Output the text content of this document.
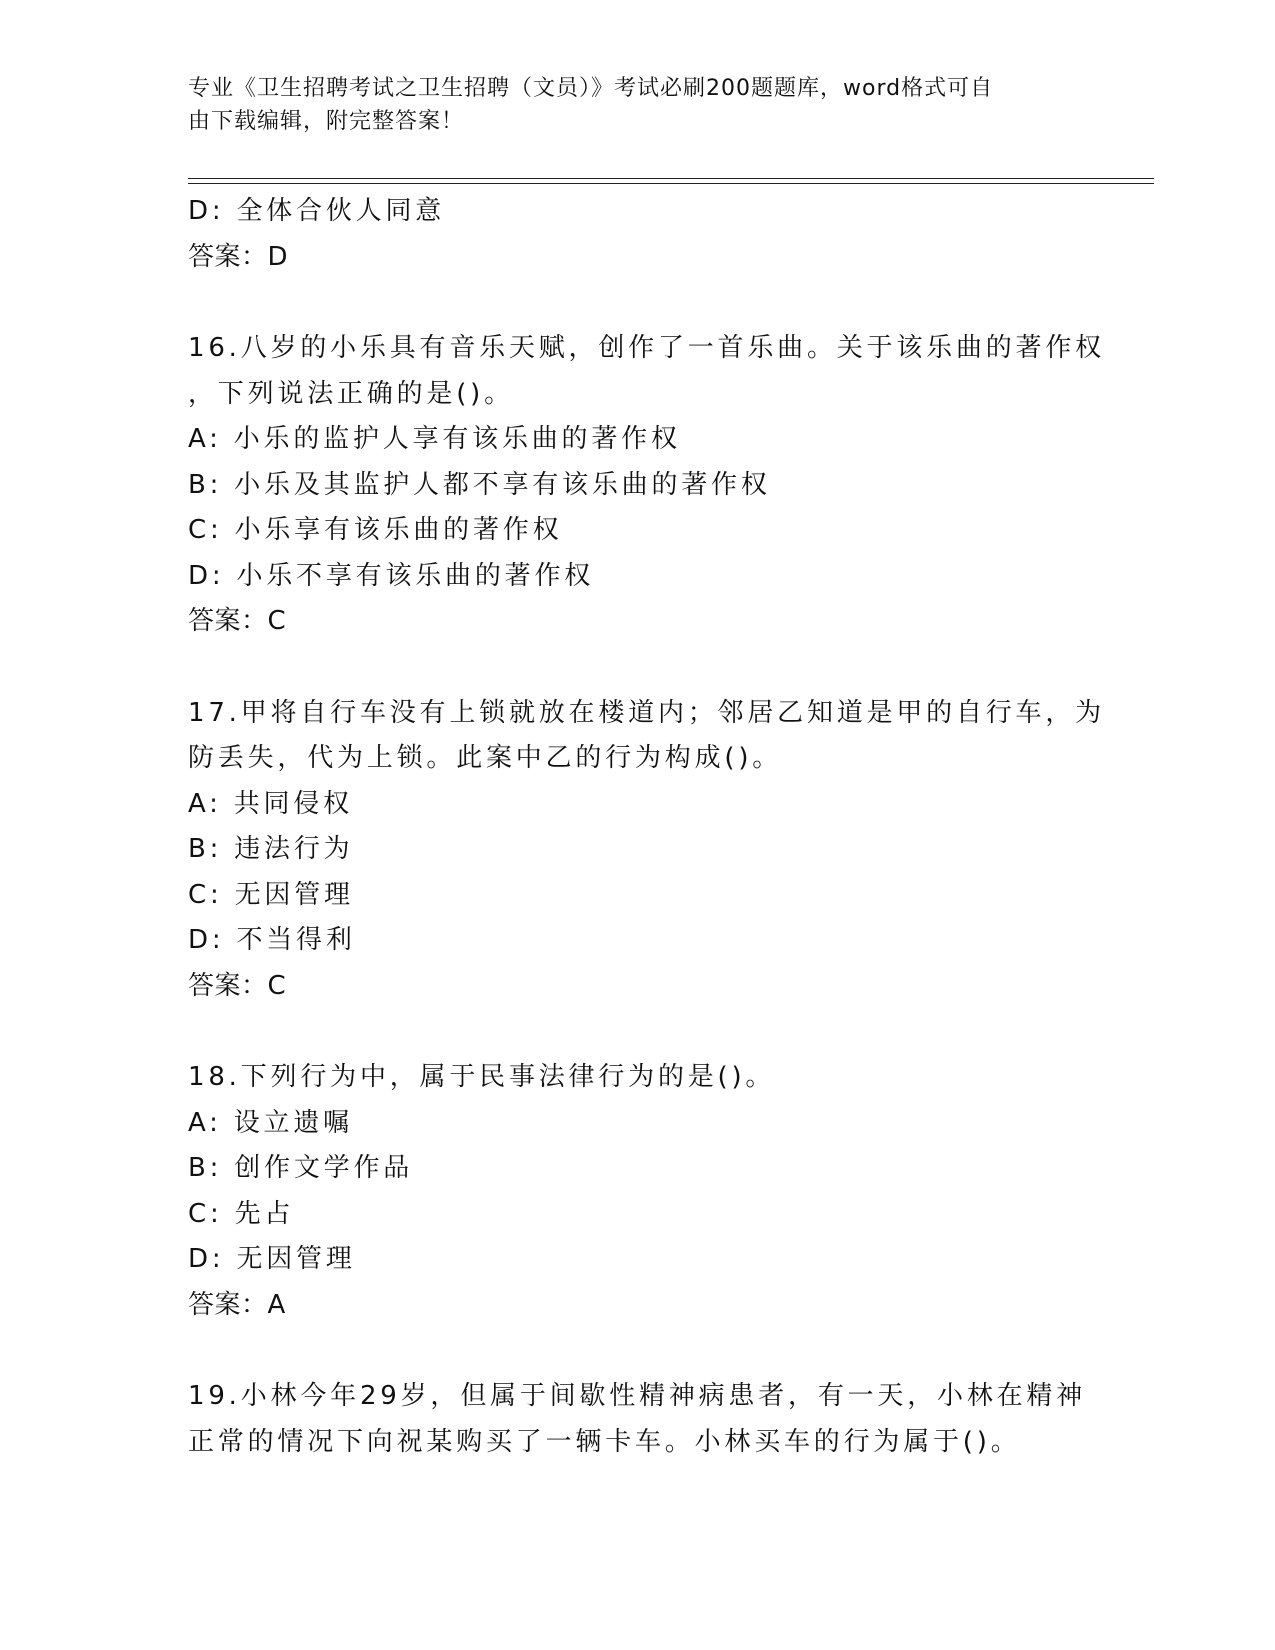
专业《卫生招聘考试之卫生招聘（文员）》考试必刷200题题库，word格式可自
由下载编辑，附完整答案！
D: 全体合伙人同意
答案：D
16.八岁的小乐具有音乐天赋，创作了一首乐曲。关于该乐曲的著作权
，下列说法正确的是()。
A: 小乐的监护人享有该乐曲的著作权
B: 小乐及其监护人都不享有该乐曲的著作权
C: 小乐享有该乐曲的著作权
D: 小乐不享有该乐曲的著作权
答案：C
17.甲将自行车没有上锁就放在楼道内；邻居乙知道是甲的自行车，为
防丢失，代为上锁。此案中乙的行为构成()。
A: 共同侵权
B: 违法行为
C: 无因管理
D: 不当得利
答案：C
18.下列行为中，属于民事法律行为的是()。
A: 设立遗嘱
B: 创作文学作品
C: 先占
D: 无因管理
答案：A
19.小林今年29岁，但属于间歇性精神病患者，有一天，小林在精神
正常的情况下向祝某购买了一辆卡车。小林买车的行为属于()。
